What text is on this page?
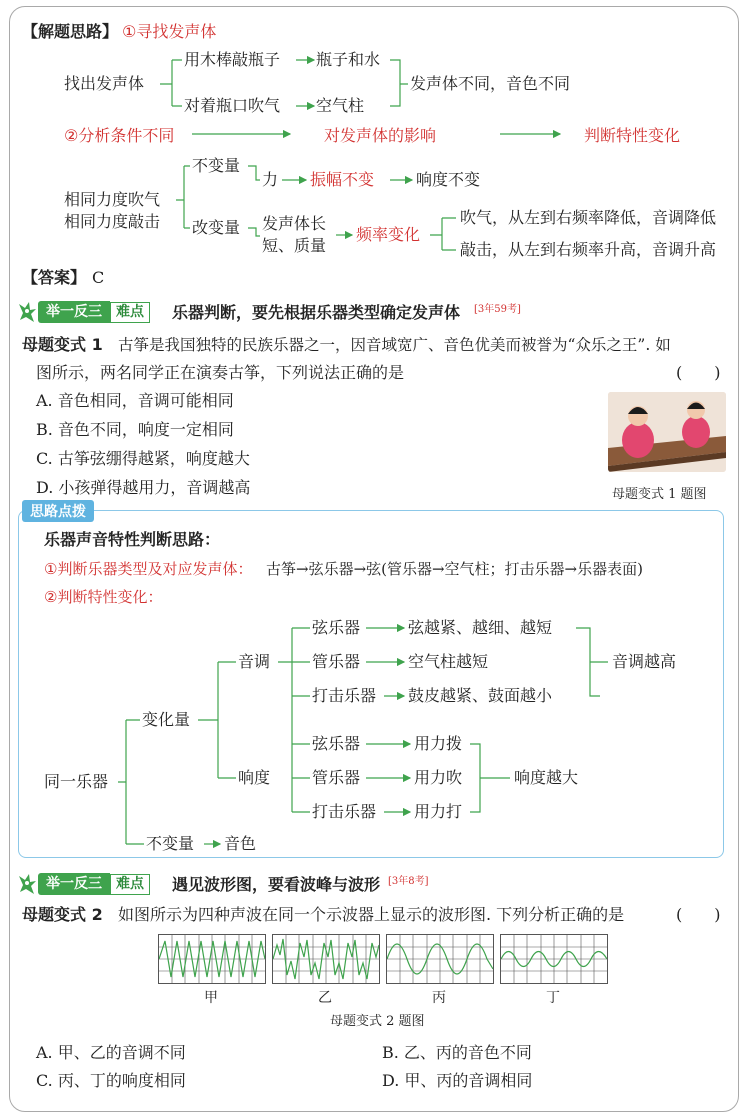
【解题思路】 ①寻找发声体
找出发声体
用木棒敲瓶子
对着瓶口吹气
瓶子和水
空气柱
发声体不同，音色不同
②分析条件不同	对发声体的影响	判断特性变化
相同力度吹气
相同力度敲击
不变量
改变量
力 振幅不变	响度不变
发声体长
短、质量
频率变化
吹气，从左到右频率降低，音调降低
敲击，从左到右频率升高，音调升高
【答案】 C
举一反三	难点	乐器判断，要先根据乐器类型确定发声体 [3年59考]
母题变式 1 古筝是我国独特的民族乐器之一，因音域宽广、音色优美而被誉为“众乐之王”. 如
图所示，两名同学正在演奏古筝，下列说法正确的是	(　　)
A. 音色相同，音调可能相同
B. 音色不同，响度一定相同
C. 古筝弦绷得越紧，响度越大
D. 小孩弹得越用力，音调越高	母题变式 1 题图
思路点拨
乐器声音特性判断思路：
①判断乐器类型及对应发声体： 古筝→弦乐器→弦(管乐器→空气柱；打击乐器→乐器表面)
②判断特性变化：
同一乐器
变化量
不变量 音色
音调
响度
弦乐器
管乐器
打击乐器
弦越紧、越细、越短
空气柱越短
鼓皮越紧、鼓面越小
音调越高
弦乐器
管乐器
打击乐器
用力拨
用力吹
用力打
响度越大
举一反三	难点	遇见波形图，要看波峰与波形 [3年8考]
母题变式 2 如图所示为四种声波在同一个示波器上显示的波形图. 下列分析正确的是	(　　)
甲	乙	丙	丁
母题变式 2 题图
A. 甲、乙的音调不同	B. 乙、丙的音色不同
C. 丙、丁的响度相同	D. 甲、丙的音调相同
